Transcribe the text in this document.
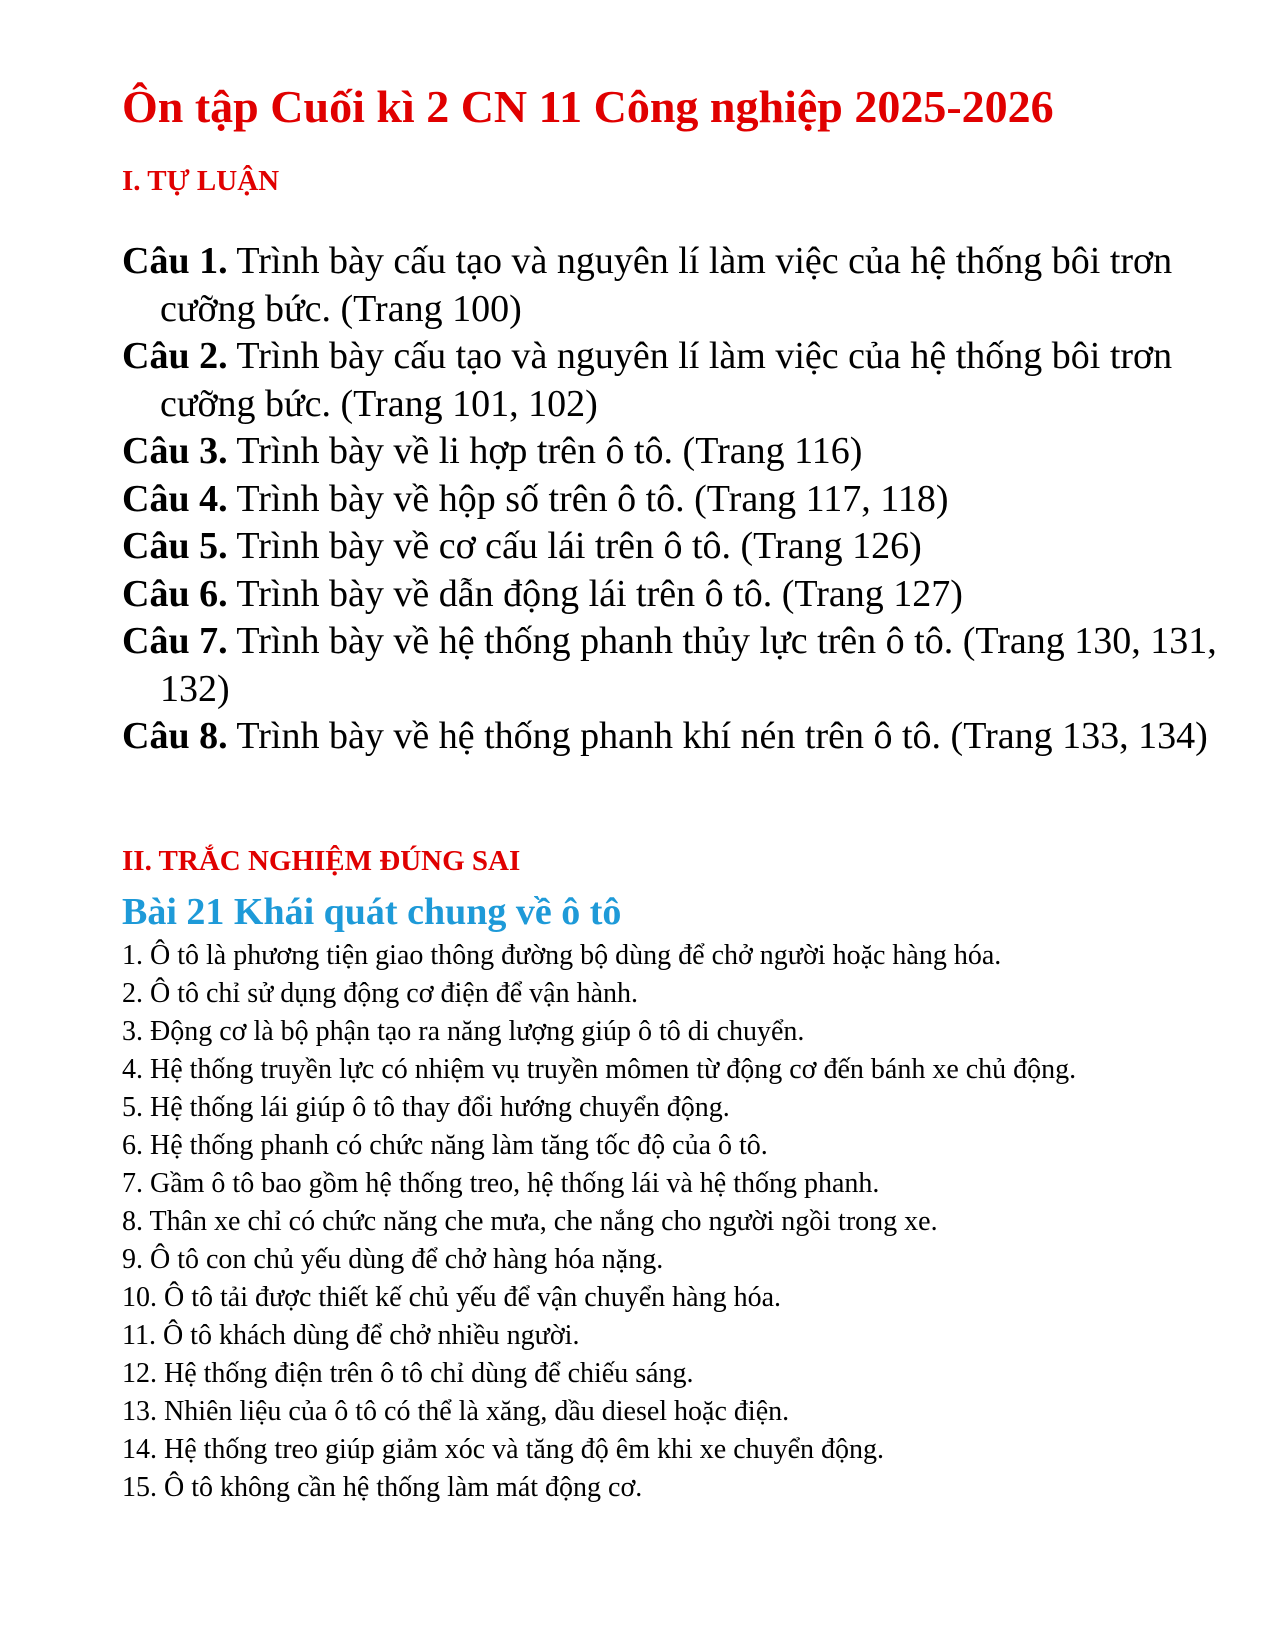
Ôn tập Cuối kì 2 CN 11 Công nghiệp 2025-2026
I. TỰ LUẬN
Câu 1. Trình bày cấu tạo và nguyên lí làm việc của hệ thống bôi trơn cưỡng bức. (Trang 100)
Câu 2. Trình bày cấu tạo và nguyên lí làm việc của hệ thống bôi trơn cưỡng bức. (Trang 101, 102)
Câu 3. Trình bày về li hợp trên ô tô. (Trang 116)
Câu 4. Trình bày về hộp số trên ô tô. (Trang 117, 118)
Câu 5. Trình bày về cơ cấu lái trên ô tô. (Trang 126)
Câu 6. Trình bày về dẫn động lái trên ô tô. (Trang 127)
Câu 7. Trình bày về hệ thống phanh thủy lực trên ô tô. (Trang 130, 131, 132)
Câu 8. Trình bày về hệ thống phanh khí nén trên ô tô. (Trang 133, 134)
II. TRẮC NGHIỆM ĐÚNG SAI
Bài 21 Khái quát chung về ô tô
1. Ô tô là phương tiện giao thông đường bộ dùng để chở người hoặc hàng hóa.
2. Ô tô chỉ sử dụng động cơ điện để vận hành.
3. Động cơ là bộ phận tạo ra năng lượng giúp ô tô di chuyển.
4. Hệ thống truyền lực có nhiệm vụ truyền mômen từ động cơ đến bánh xe chủ động.
5. Hệ thống lái giúp ô tô thay đổi hướng chuyển động.
6. Hệ thống phanh có chức năng làm tăng tốc độ của ô tô.
7. Gầm ô tô bao gồm hệ thống treo, hệ thống lái và hệ thống phanh.
8. Thân xe chỉ có chức năng che mưa, che nắng cho người ngồi trong xe.
9. Ô tô con chủ yếu dùng để chở hàng hóa nặng.
10. Ô tô tải được thiết kế chủ yếu để vận chuyển hàng hóa.
11. Ô tô khách dùng để chở nhiều người.
12. Hệ thống điện trên ô tô chỉ dùng để chiếu sáng.
13. Nhiên liệu của ô tô có thể là xăng, dầu diesel hoặc điện.
14. Hệ thống treo giúp giảm xóc và tăng độ êm khi xe chuyển động.
15. Ô tô không cần hệ thống làm mát động cơ.
